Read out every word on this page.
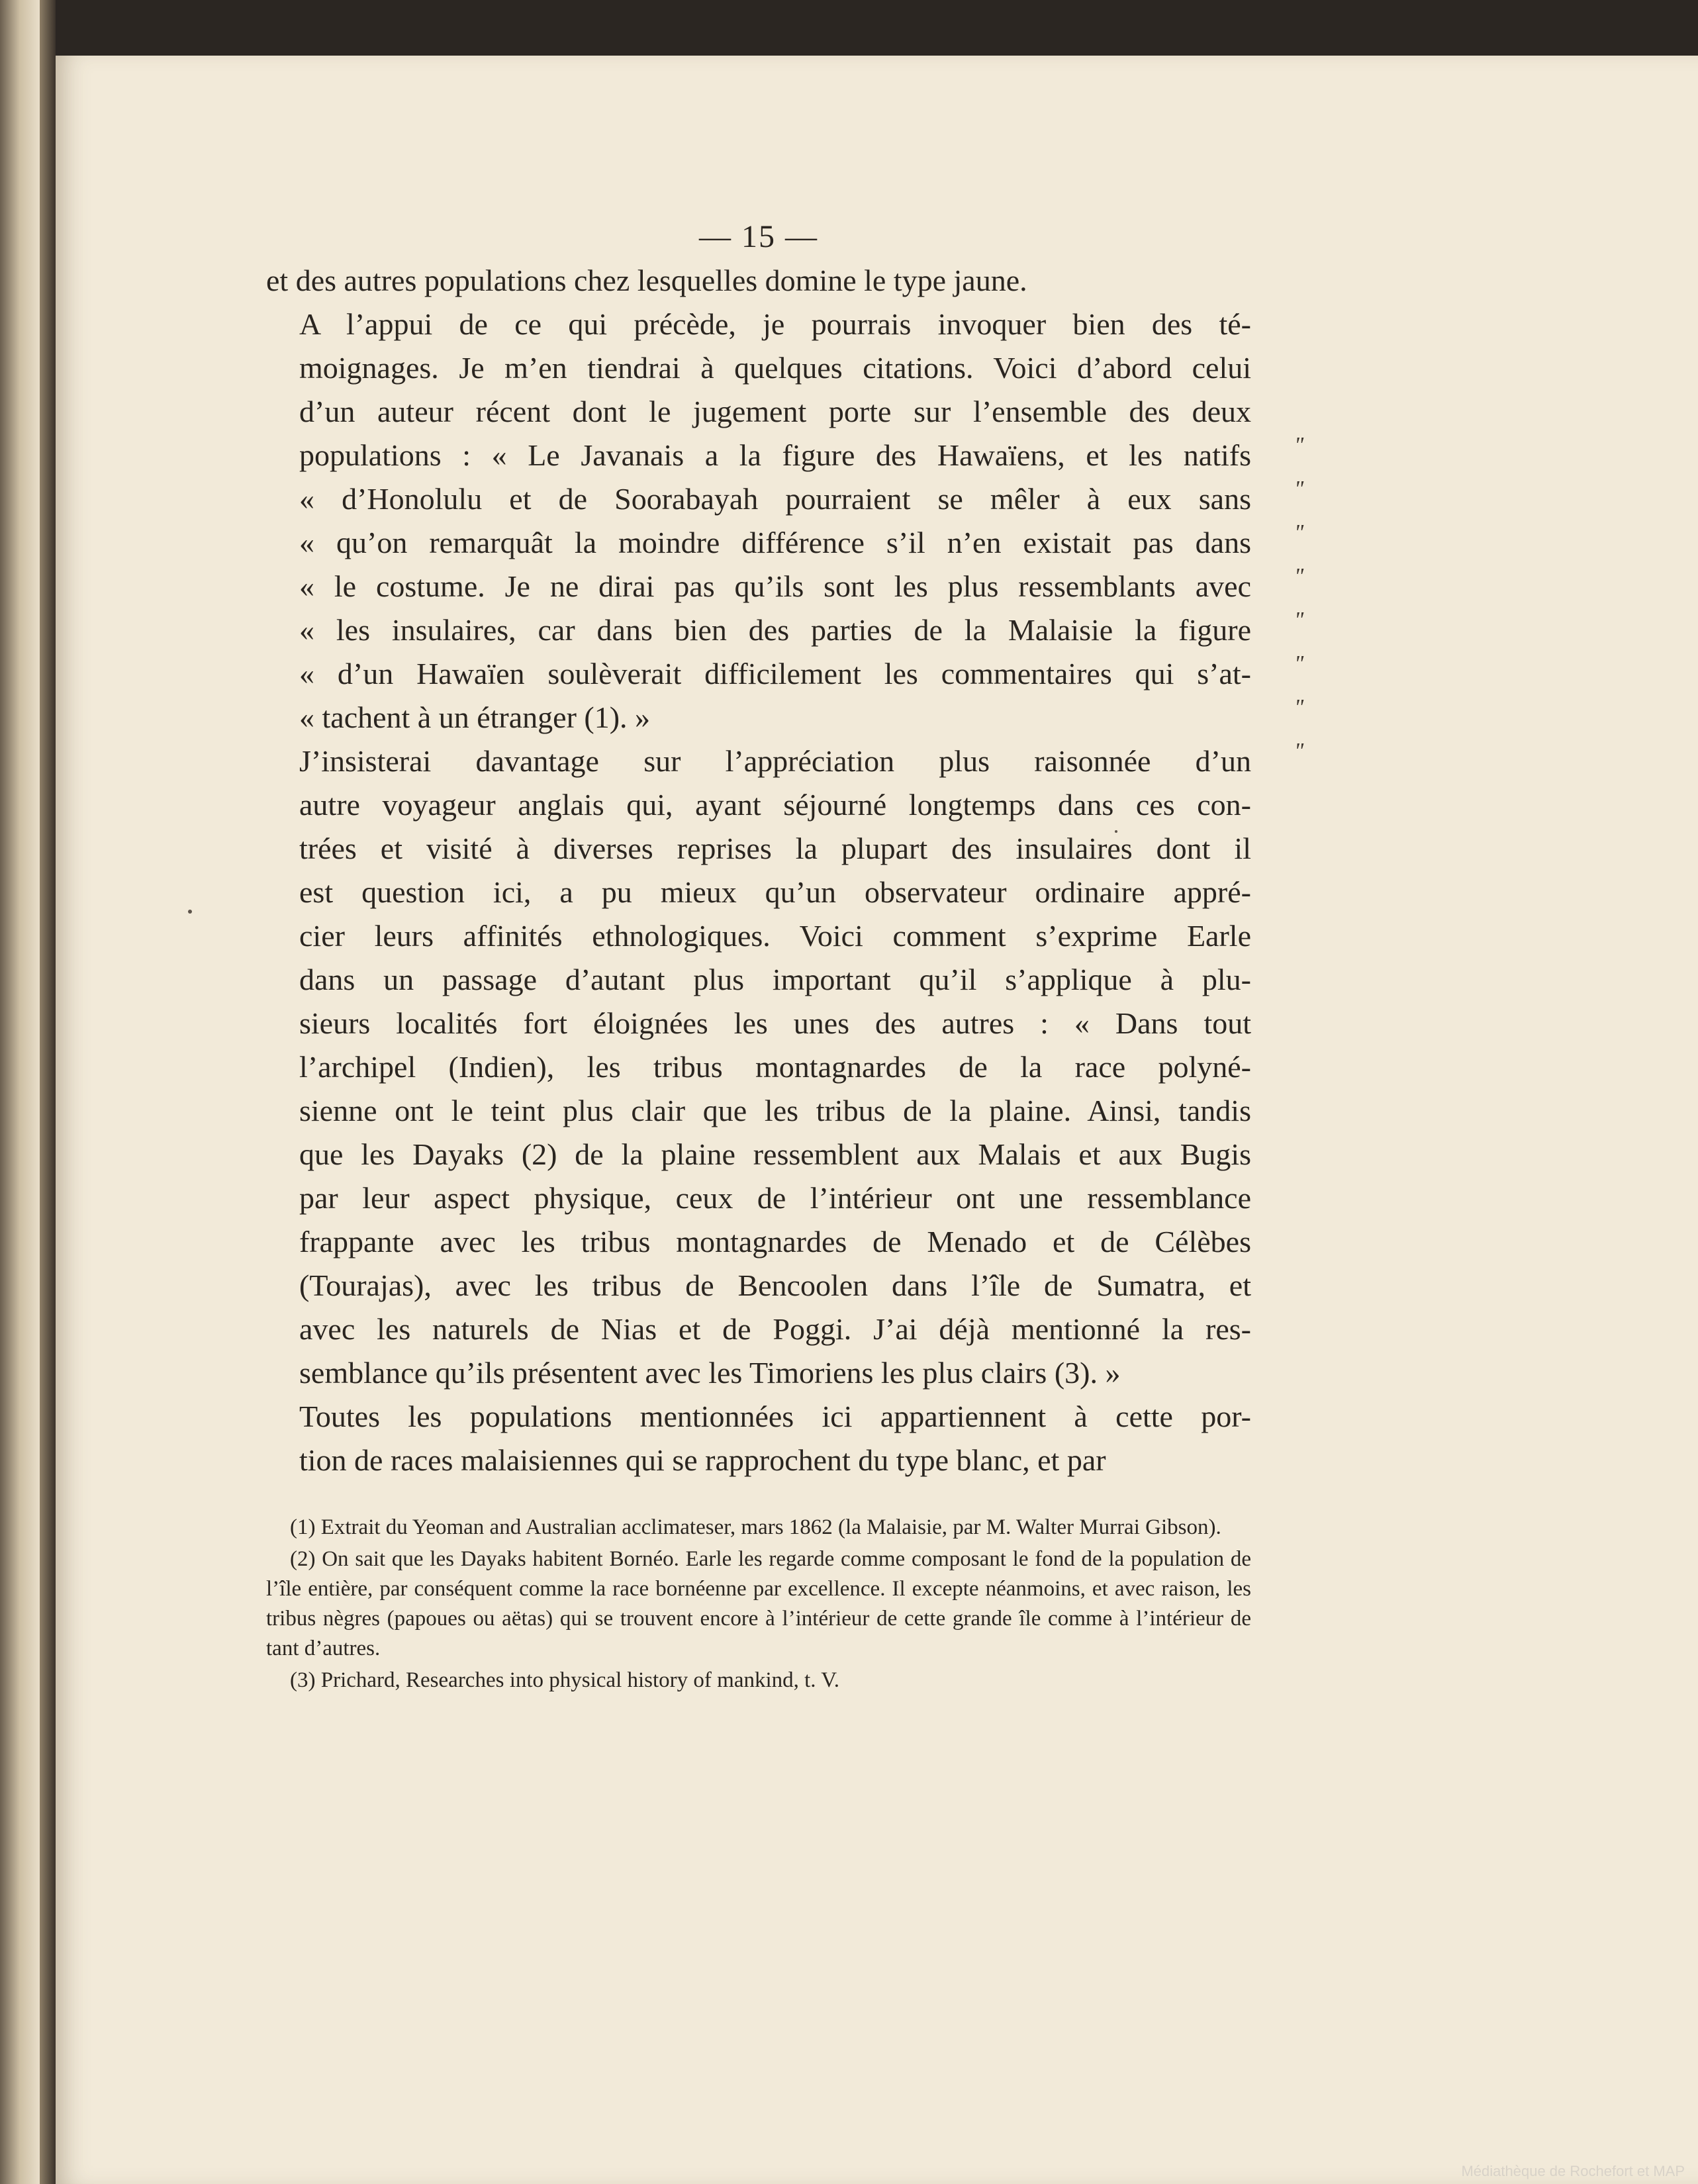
— 15 —

et des autres populations chez lesquelles domine le type jaune.

A l’appui de ce qui précède, je pourrais invoquer bien des té-
moignages. Je m’en tiendrai à quelques citations. Voici d’abord celui
d’un auteur récent dont le jugement porte sur l’ensemble des deux
populations : « Le Javanais a la figure des Hawaïens, et les natifs
« d’Honolulu et de Soorabayah pourraient se mêler à eux sans
« qu’on remarquât la moindre différence s’il n’en existait pas dans
« le costume. Je ne dirai pas qu’ils sont les plus ressemblants avec
« les insulaires, car dans bien des parties de la Malaisie la figure
« d’un Hawaïen soulèverait difficilement les commentaires qui s’at-
« tachent à un étranger (1). »

J’insisterai davantage sur l’appréciation plus raisonnée d’un
autre voyageur anglais qui, ayant séjourné longtemps dans ces con-
trées et visité à diverses reprises la plupart des insulaires dont il
est question ici, a pu mieux qu’un observateur ordinaire appré-
cier leurs affinités ethnologiques. Voici comment s’exprime Earle
dans un passage d’autant plus important qu’il s’applique à plu-
sieurs localités fort éloignées les unes des autres : « Dans tout
l’archipel (Indien), les tribus montagnardes de la race polyné-
sienne ont le teint plus clair que les tribus de la plaine. Ainsi, tandis
que les Dayaks (2) de la plaine ressemblent aux Malais et aux Bugis
par leur aspect physique, ceux de l’intérieur ont une ressemblance
frappante avec les tribus montagnardes de Menado et de Célèbes
(Tourajas), avec les tribus de Bencoolen dans l’île de Sumatra, et
avec les naturels de Nias et de Poggi. J’ai déjà mentionné la res-
semblance qu’ils présentent avec les Timoriens les plus clairs (3). »

Toutes les populations mentionnées ici appartiennent à cette por-
tion de races malaisiennes qui se rapprochent du type blanc, et par

(1) Extrait du Yeoman and Australian acclimateser, mars 1862 (la Malaisie, par M. Walter Murrai Gibson).

(2) On sait que les Dayaks habitent Bornéo. Earle les regarde comme composant le fond de la population de l’île entière, par conséquent comme la race bornéenne par excellence. Il excepte néanmoins, et avec raison, les tribus nègres (papoues ou aëtas) qui se trouvent encore à l’intérieur de cette grande île comme à l’intérieur de tant d’autres.

(3) Prichard, Researches into physical history of mankind, t. V.

"
"
"
"
"
"
"
"
Médiathèque de Rochefort et MAP
